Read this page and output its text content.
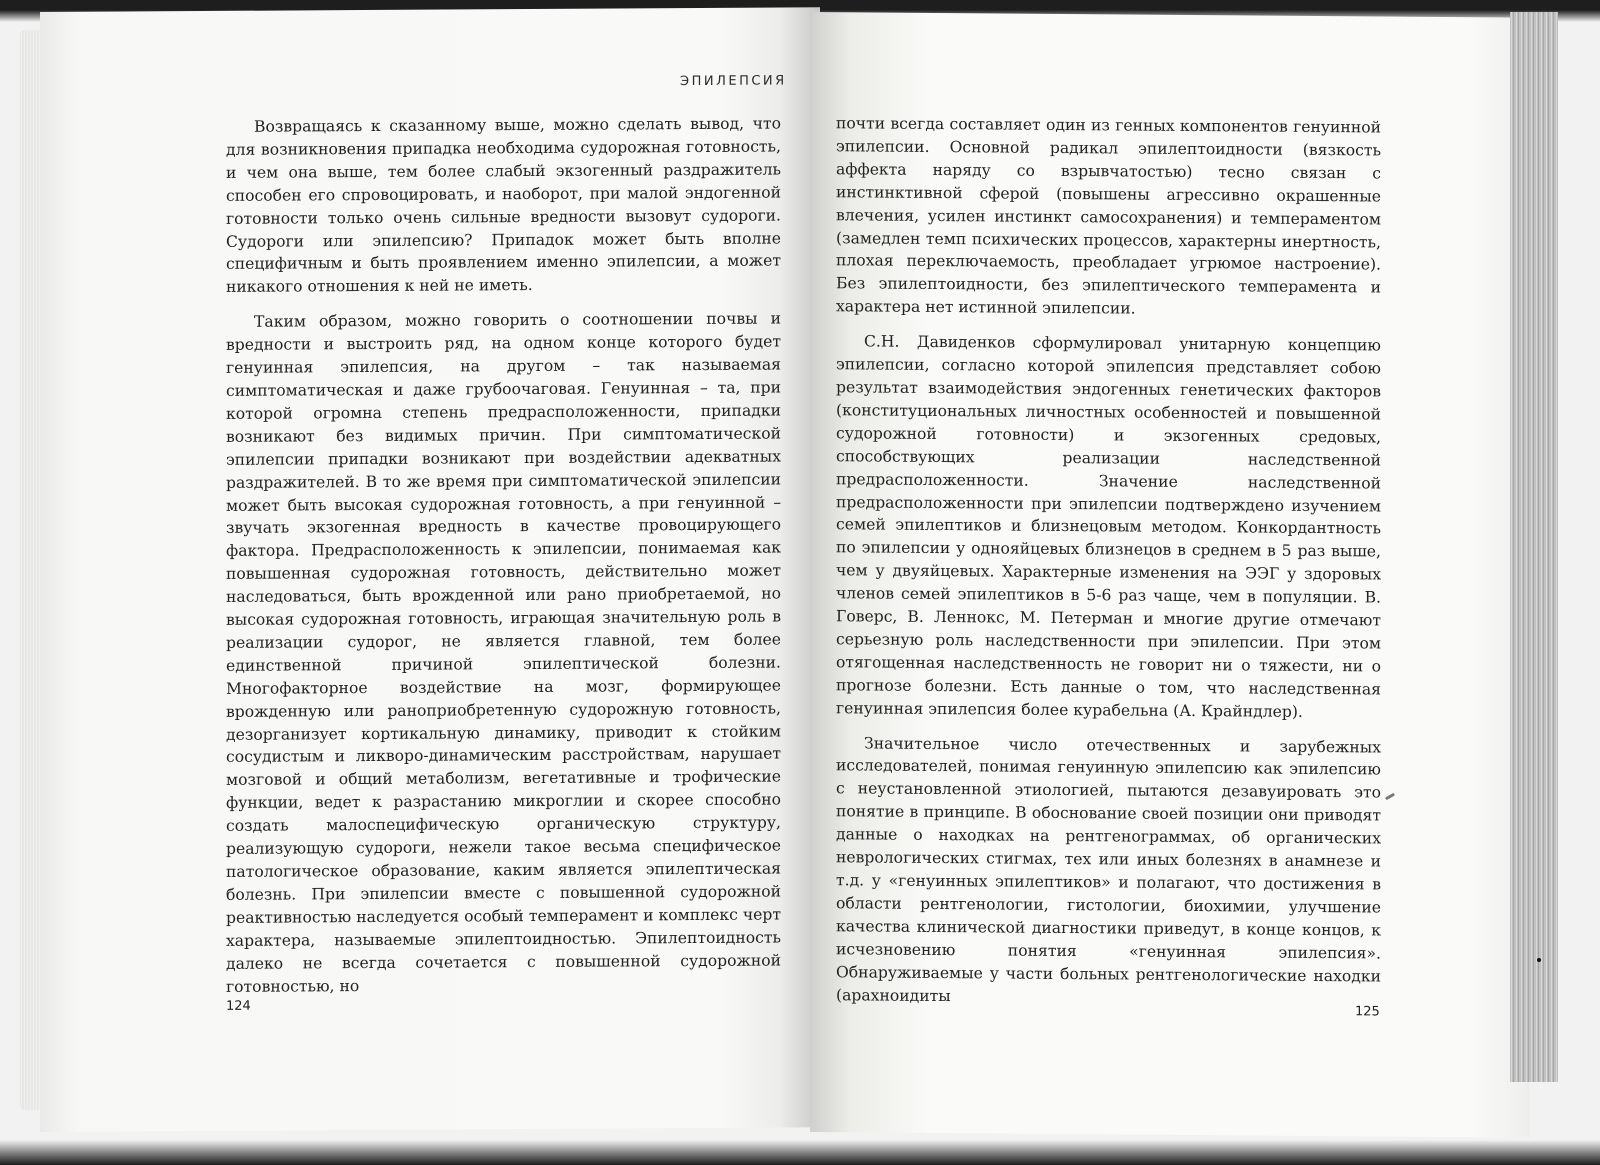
ЭПИЛЕПСИЯ

Возвращаясь к сказанному выше, можно сделать вывод, что для возникновения припадка необходима судорожная готовность, и чем она выше, тем более слабый экзогенный раздражитель способен его спровоцировать, и наоборот, при малой эндогенной готовности только очень сильные вредности вызовут судороги. Судороги или эпилепсию? Припадок может быть вполне специфичным и быть проявлением именно эпилепсии, а может никакого отношения к ней не иметь.

Таким образом, можно говорить о соотношении почвы и вредности и выстроить ряд, на одном конце которого будет генуинная эпилепсия, на другом – так называемая симптоматическая и даже грубоочаговая. Генуинная – та, при которой огромна степень предрасположенности, припадки возникают без видимых причин. При симптоматической эпилепсии припадки возникают при воздействии адекватных раздражителей. В то же время при симптоматической эпилепсии может быть высокая судорожная готовность, а при генуинной – звучать экзогенная вредность в качестве провоцирующего фактора. Предрасположенность к эпилепсии, понимаемая как повышенная судорожная готовность, действительно может наследоваться, быть врожденной или рано приобретаемой, но высокая судорожная готовность, играющая значительную роль в реализации судорог, не является главной, тем более единственной причиной эпилептической болезни. Многофакторное воздействие на мозг, формирующее врожденную или раноприобретенную судорожную готовность, дезорганизует кортикальную динамику, приводит к стойким сосудистым и ликворо-динамическим расстройствам, нарушает мозговой и общий метаболизм, вегетативные и трофические функции, ведет к разрастанию микроглии и скорее способно создать малоспецифическую органическую структуру, реализующую судороги, нежели такое весьма специфическое патологическое образование, каким является эпилептическая болезнь. При эпилепсии вместе с повышенной судорожной реактивностью наследуется особый темперамент и комплекс черт характера, называемые эпилептоидностью. Эпилептоидность далеко не всегда сочетается с повышенной судорожной готовностью, но

124

почти всегда составляет один из генных компонентов генуинной эпилепсии. Основной радикал эпилептоидности (вязкость аффекта наряду со взрывчатостью) тесно связан с инстинктивной сферой (повышены агрессивно окрашенные влечения, усилен инстинкт самосохранения) и темпераментом (замедлен темп психических процессов, характерны инертность, плохая переключаемость, преобладает угрюмое настроение). Без эпилептоидности, без эпилептического темперамента и характера нет истинной эпилепсии.

С.Н. Давиденков сформулировал унитарную концепцию эпилепсии, согласно которой эпилепсия представляет собою результат взаимодействия эндогенных генетических факторов (конституциональных личностных особенностей и повышенной судорожной готовности) и экзогенных средовых, способствующих реализации наследственной предрасположенности. Значение наследственной предрасположенности при эпилепсии подтверждено изучением семей эпилептиков и близнецовым методом. Конкордантность по эпилепсии у однояйцевых близнецов в среднем в 5 раз выше, чем у двуяйцевых. Характерные изменения на ЭЭГ у здоровых членов семей эпилептиков в 5-6 раз чаще, чем в популяции. В. Говерс, В. Леннокс, М. Петерман и многие другие отмечают серьезную роль наследственности при эпилепсии. При этом отягощенная наследственность не говорит ни о тяжести, ни о прогнозе болезни. Есть данные о том, что наследственная генуинная эпилепсия более курабельна (А. Крайндлер).

Значительное число отечественных и зарубежных исследователей, понимая генуинную эпилепсию как эпилепсию с неустановленной этиологией, пытаются дезавуировать это понятие в принципе. В обоснование своей позиции они приводят данные о находках на рентгенограммах, об органических неврологических стигмах, тех или иных болезнях в анамнезе и т.д. у «генуинных эпилептиков» и полагают, что достижения в области рентгенологии, гистологии, биохимии, улучшение качества клинической диагностики приведут, в конце концов, к исчезновению понятия «генуинная эпилепсия». Обнаруживаемые у части больных рентгенологические находки (арахноидиты

125
